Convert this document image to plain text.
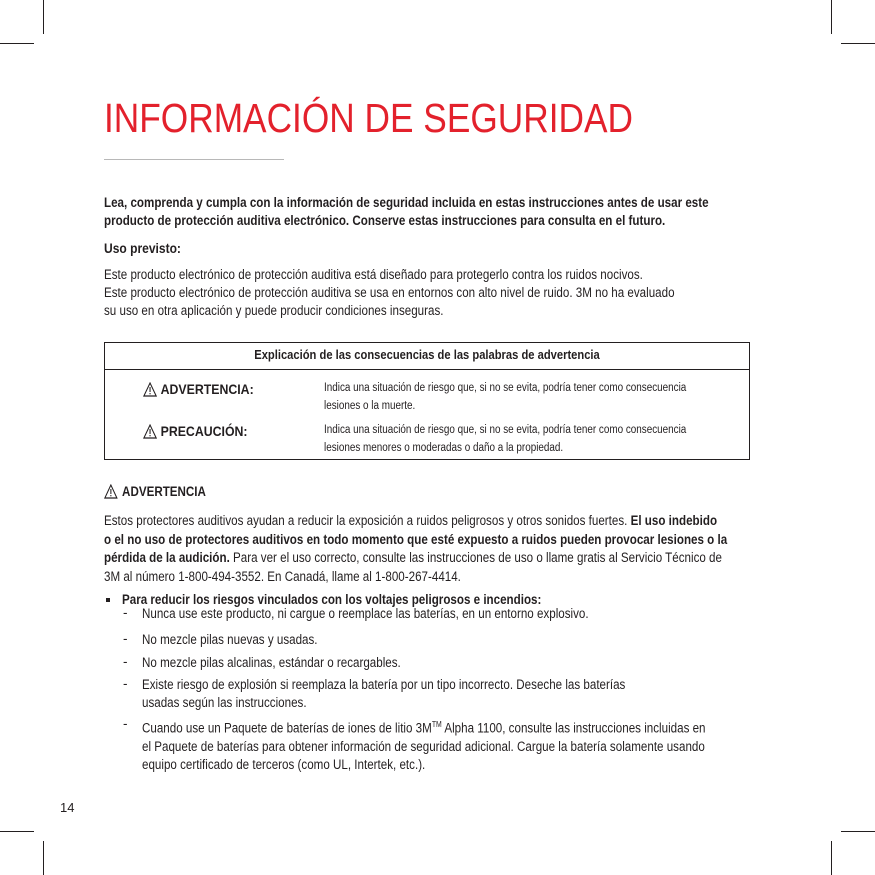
INFORMACIÓN DE SEGURIDAD
Lea, comprenda y cumpla con la información de seguridad incluida en estas instrucciones antes de usar este
producto de protección auditiva electrónico. Conserve estas instrucciones para consulta en el futuro.
Uso previsto:
Este producto electrónico de protección auditiva está diseñado para protegerlo contra los ruidos nocivos.
Este producto electrónico de protección auditiva se usa en entornos con alto nivel de ruido. 3M no ha evaluado
su uso en otra aplicación y puede producir condiciones inseguras.
Explicación de las consecuencias de las palabras de advertencia
ADVERTENCIA:	Indica una situación de riesgo que, si no se evita, podría tener como consecuencia
lesiones o la muerte.
PRECAUCIÓN:	Indica una situación de riesgo que, si no se evita, podría tener como consecuencia
lesiones menores o moderadas o daño a la propiedad.
ADVERTENCIA
Estos protectores auditivos ayudan a reducir la exposición a ruidos peligrosos y otros sonidos fuertes. El uso indebido
o el no uso de protectores auditivos en todo momento que esté expuesto a ruidos pueden provocar lesiones o la
pérdida de la audición. Para ver el uso correcto, consulte las instrucciones de uso o llame gratis al Servicio Técnico de
3M al número 1-800-494-3552. En Canadá, llame al 1-800-267-4414.
Para reducir los riesgos vinculados con los voltajes peligrosos e incendios:
- Nunca use este producto, ni cargue o reemplace las baterías, en un entorno explosivo.
- No mezcle pilas nuevas y usadas.
- No mezcle pilas alcalinas, estándar o recargables.
- Existe riesgo de explosión si reemplaza la batería por un tipo incorrecto. Deseche las baterías
usadas según las instrucciones.
- Cuando use un Paquete de baterías de iones de litio 3M™ Alpha 1100, consulte las instrucciones incluidas en
el Paquete de baterías para obtener información de seguridad adicional. Cargue la batería solamente usando
equipo certificado de terceros (como UL, Intertek, etc.).
14
